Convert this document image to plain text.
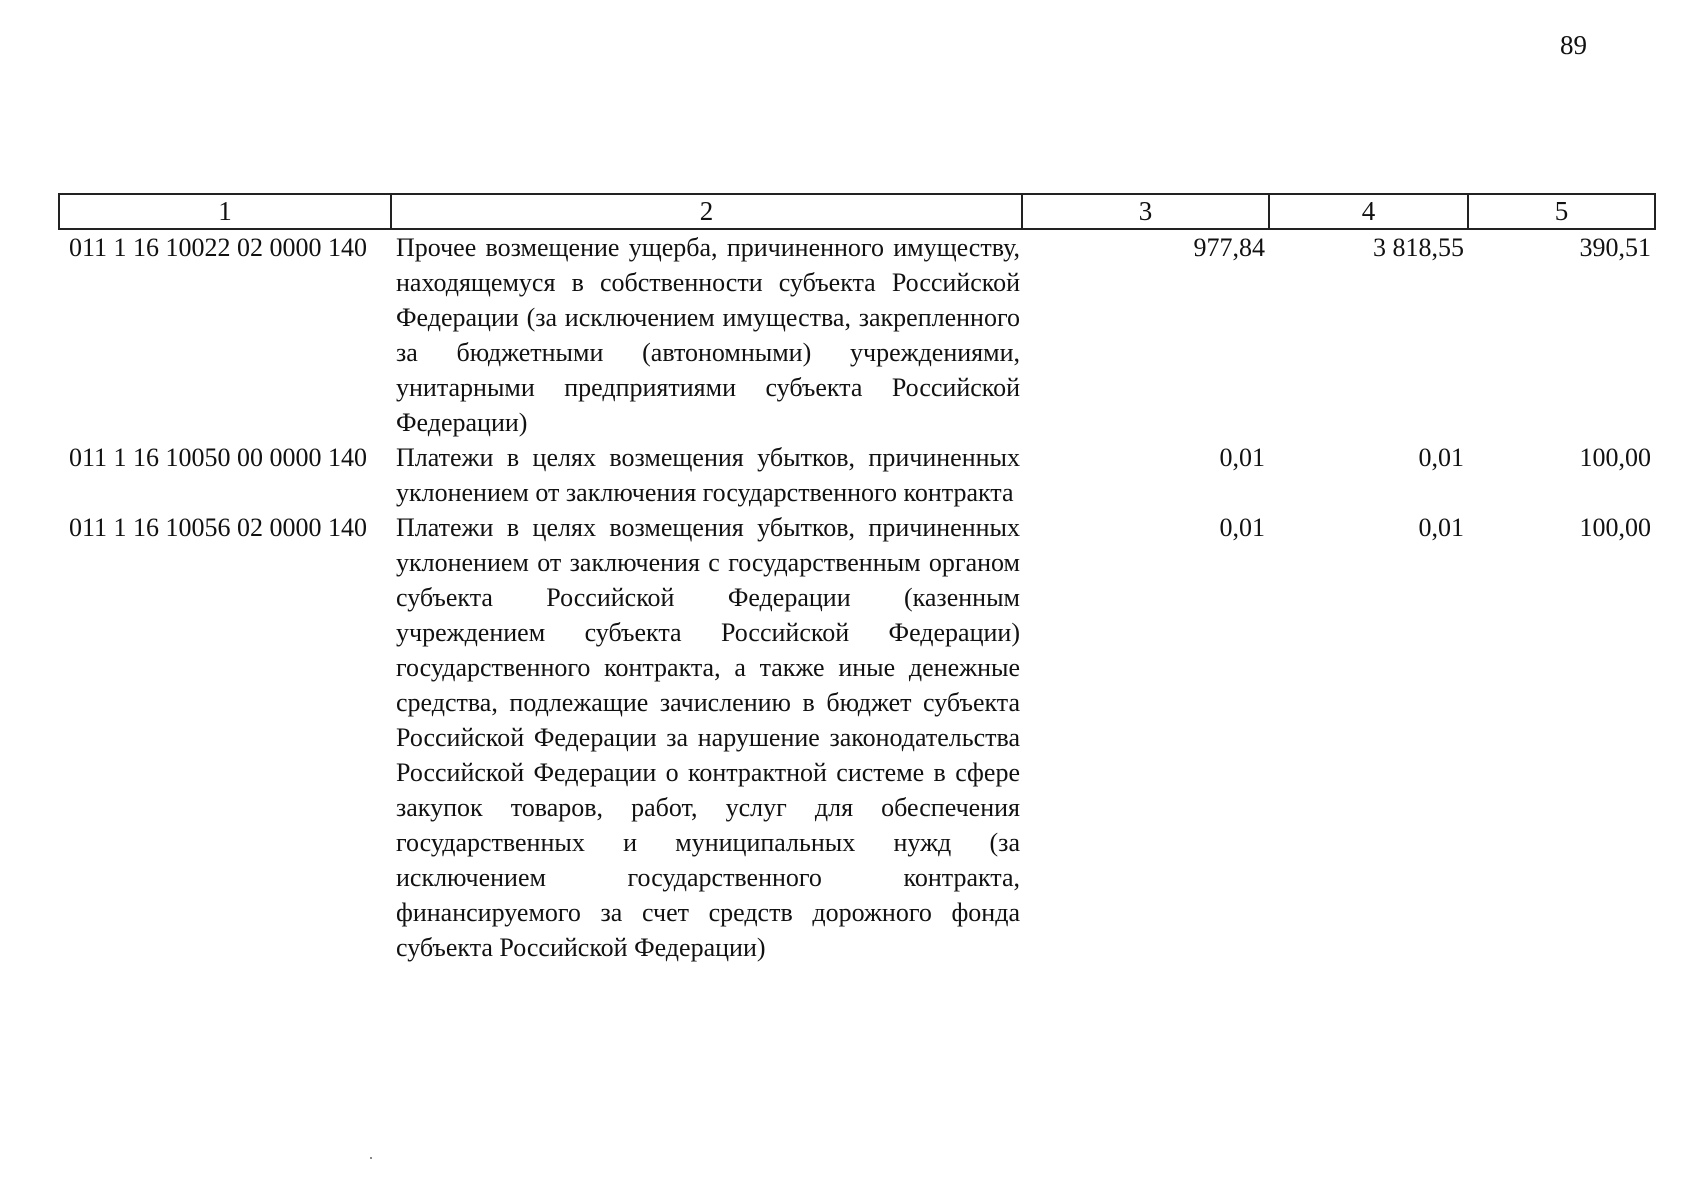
89
1	2	3	4	5
011 1 16 10022 02 0000 140	Прочее возмещение ущерба, причиненного имуществу, находящемуся в собственности субъекта Российской Федерации (за исключением имущества, закрепленного за бюджетными (автономными) учреждениями, унитарными предприятиями субъекта Российской Федерации)	977,84	3 818,55	390,51
011 1 16 10050 00 0000 140	Платежи в целях возмещения убытков, причиненных уклонением от заключения государственного контракта	0,01	0,01	100,00
011 1 16 10056 02 0000 140	Платежи в целях возмещения убытков, причиненных уклонением от заключения с государственным органом субъекта Российской Федерации (казенным учреждением субъекта Российской Федерации) государственного контракта, а также иные денежные средства, подлежащие зачислению в бюджет субъекта Российской Федерации за нарушение законодательства Российской Федерации о контрактной системе в сфере закупок товаров, работ, услуг для обеспечения государственных и муниципальных нужд (за исключением государственного контракта, финансируемого за счет средств дорожного фонда субъекта Российской Федерации)	0,01	0,01	100,00
